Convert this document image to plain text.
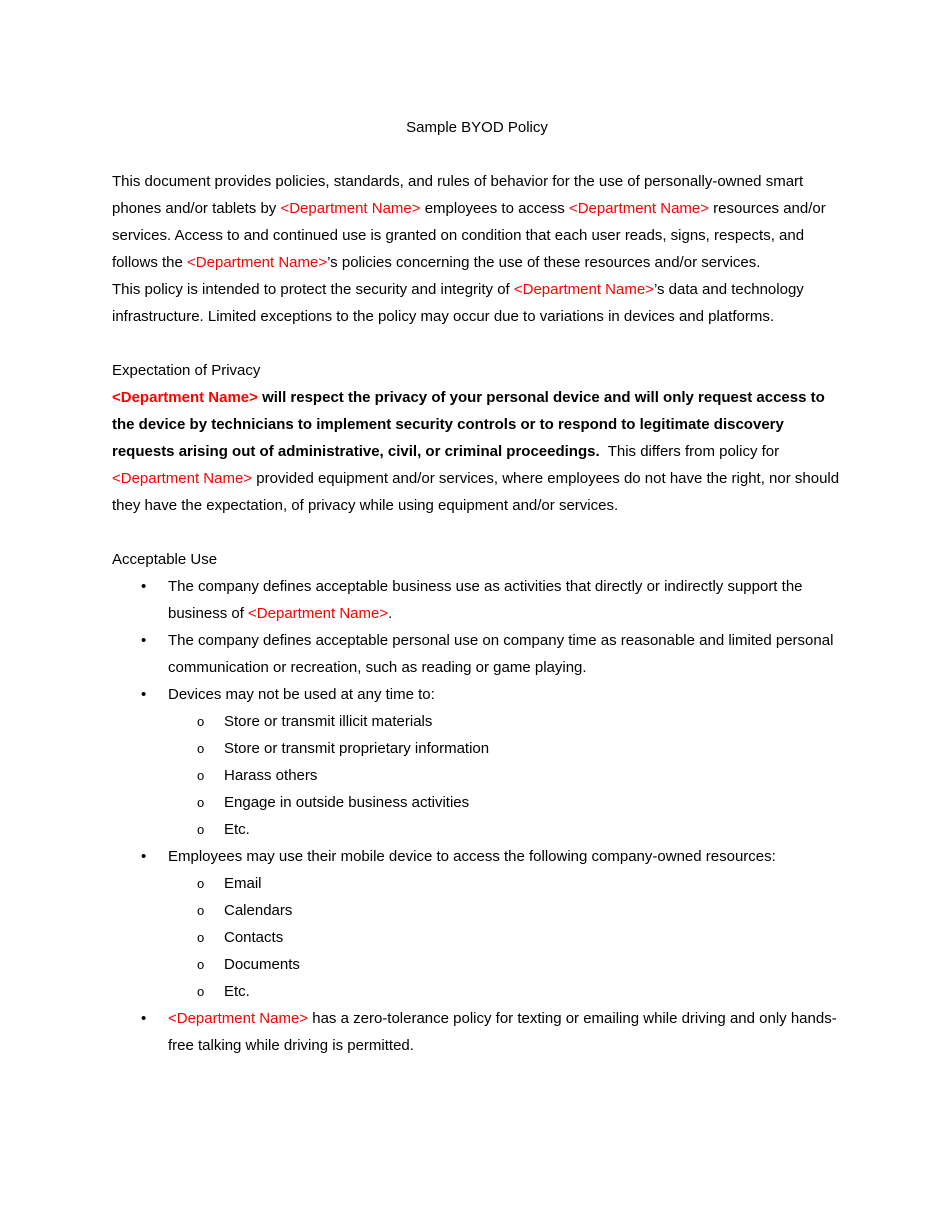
Sample BYOD Policy

This document provides policies, standards, and rules of behavior for the use of personally-owned smart phones and/or tablets by <Department Name> employees to access <Department Name> resources and/or services. Access to and continued use is granted on condition that each user reads, signs, respects, and follows the <Department Name>’s policies concerning the use of these resources and/or services.

This policy is intended to protect the security and integrity of <Department Name>’s data and technology infrastructure. Limited exceptions to the policy may occur due to variations in devices and platforms.

Expectation of Privacy

<Department Name> will respect the privacy of your personal device and will only request access to the device by technicians to implement security controls or to respond to legitimate discovery requests arising out of administrative, civil, or criminal proceedings.  This differs from policy for <Department Name> provided equipment and/or services, where employees do not have the right, nor should they have the expectation, of privacy while using equipment and/or services.

Acceptable Use

• The company defines acceptable business use as activities that directly or indirectly support the business of <Department Name>.
• The company defines acceptable personal use on company time as reasonable and limited personal communication or recreation, such as reading or game playing.
• Devices may not be used at any time to:
o Store or transmit illicit materials
o Store or transmit proprietary information
o Harass others
o Engage in outside business activities
o Etc.
• Employees may use their mobile device to access the following company-owned resources:
o Email
o Calendars
o Contacts
o Documents
o Etc.
• <Department Name> has a zero-tolerance policy for texting or emailing while driving and only hands-free talking while driving is permitted.
